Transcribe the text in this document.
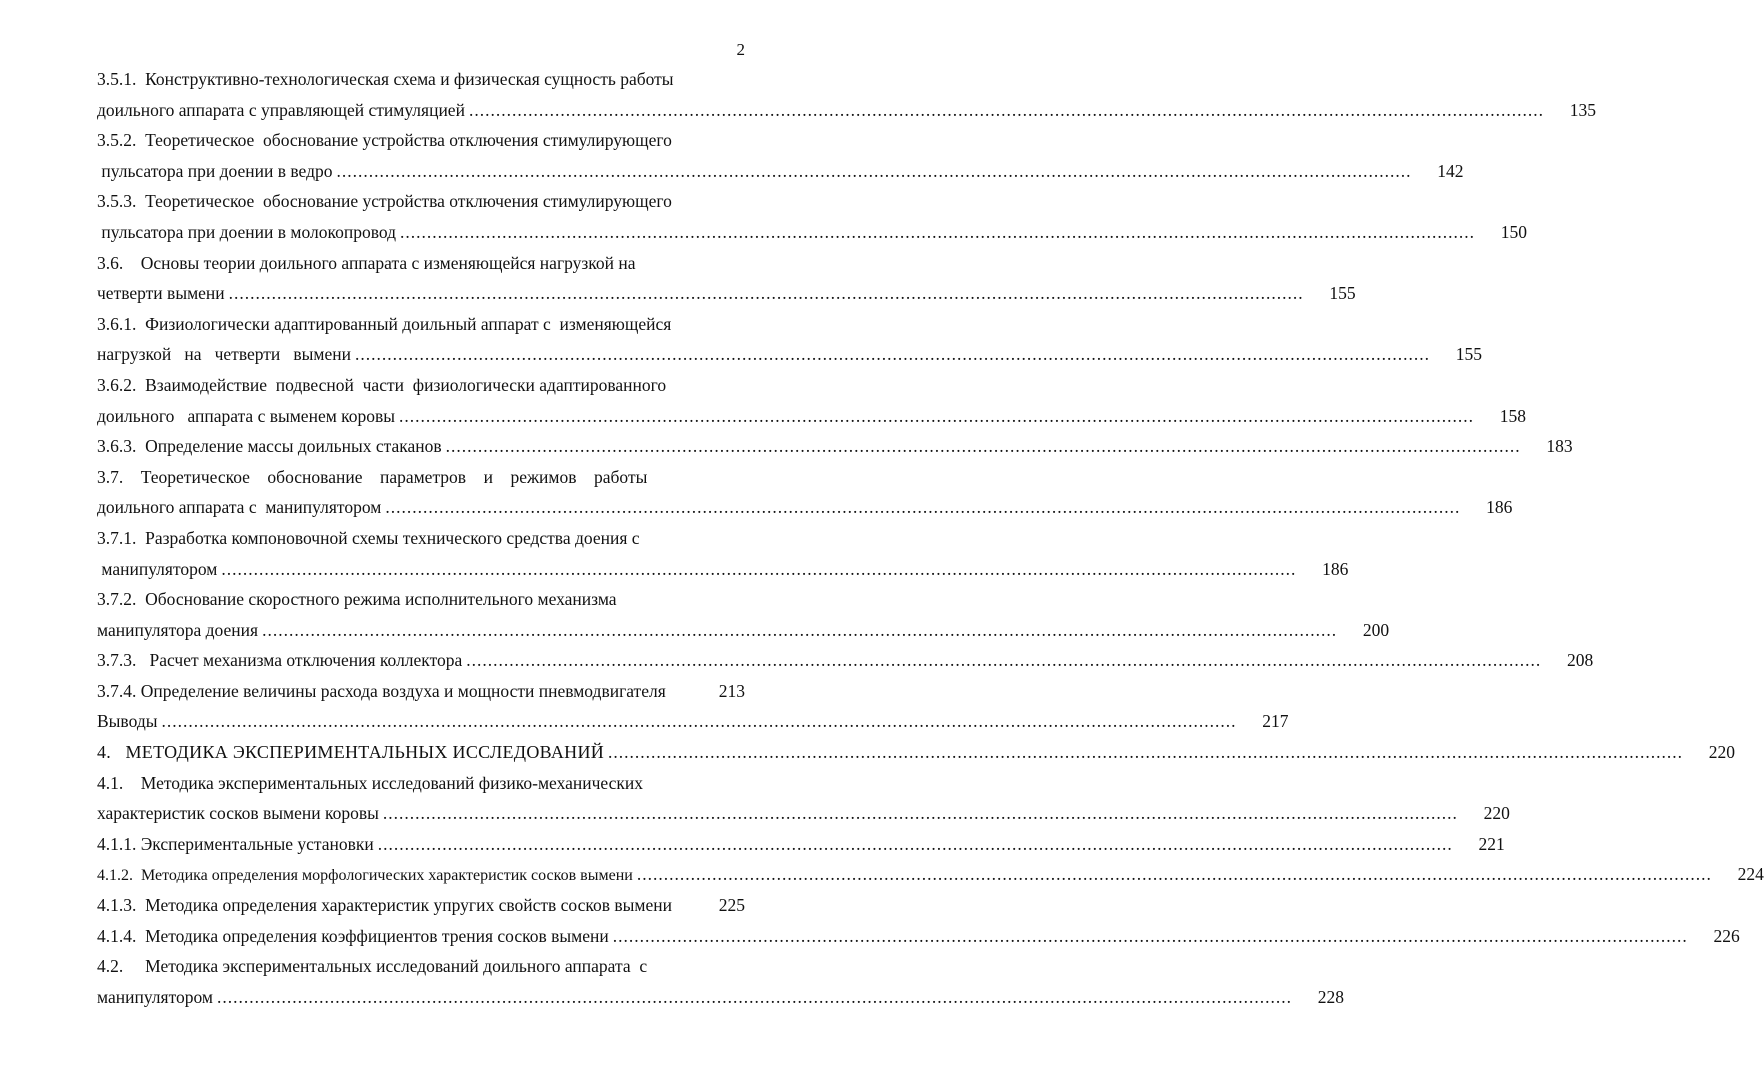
2
3.5.1.  Конструктивно-технологическая схема и физическая сущность работы
доильного аппарата с управляющей стимуляцией ........................................................................................................................................................................................................	135
3.5.2.  Теоретическое  обоснование устройства отключения стимулирующего
пульсатора при доении в ведро ........................................................................................................................................................................................................	142
3.5.3.  Теоретическое  обоснование устройства отключения стимулирующего
пульсатора при доении в молокопровод ........................................................................................................................................................................................................	150
3.6.    Основы теории доильного аппарата с изменяющейся нагрузкой на
четверти вымени ........................................................................................................................................................................................................	155
3.6.1.  Физиологически адаптированный доильный аппарат с  изменяющейся
нагрузкой   на   четверти   вымени ........................................................................................................................................................................................................	155
3.6.2.  Взаимодействие  подвесной  части  физиологически адаптированного
доильного   аппарата с выменем коровы ........................................................................................................................................................................................................	158
3.6.3.  Определение массы доильных стаканов ........................................................................................................................................................................................................	183
3.7.    Теоретическое    обоснование    параметров    и    режимов    работы
доильного аппарата с  манипулятором ........................................................................................................................................................................................................	186
3.7.1.  Разработка компоновочной схемы технического средства доения с
манипулятором ........................................................................................................................................................................................................	186
3.7.2.  Обоснование скоростного режима исполнительного механизма
манипулятора доения ........................................................................................................................................................................................................	200
3.7.3.   Расчет механизма отключения коллектора ........................................................................................................................................................................................................	208
3.7.4. Определение величины расхода воздуха и мощности пневмодвигателя	213
Выводы ........................................................................................................................................................................................................	217
4.   МЕТОДИКА ЭКСПЕРИМЕНТАЛЬНЫХ ИССЛЕДОВАНИЙ ........................................................................................................................................................................................................	220
4.1.    Методика экспериментальных исследований физико-механических
характеристик сосков вымени коровы ........................................................................................................................................................................................................	220
4.1.1. Экспериментальные установки ........................................................................................................................................................................................................	221
4.1.2.  Методика определения морфологических характеристик сосков вымени ........................................................................................................................................................................................................	224
4.1.3.  Методика определения характеристик упругих свойств сосков вымени	225
4.1.4.  Методика определения коэффициентов трения сосков вымени ........................................................................................................................................................................................................	226
4.2.     Методика экспериментальных исследований доильного аппарата  с
манипулятором ........................................................................................................................................................................................................	228
